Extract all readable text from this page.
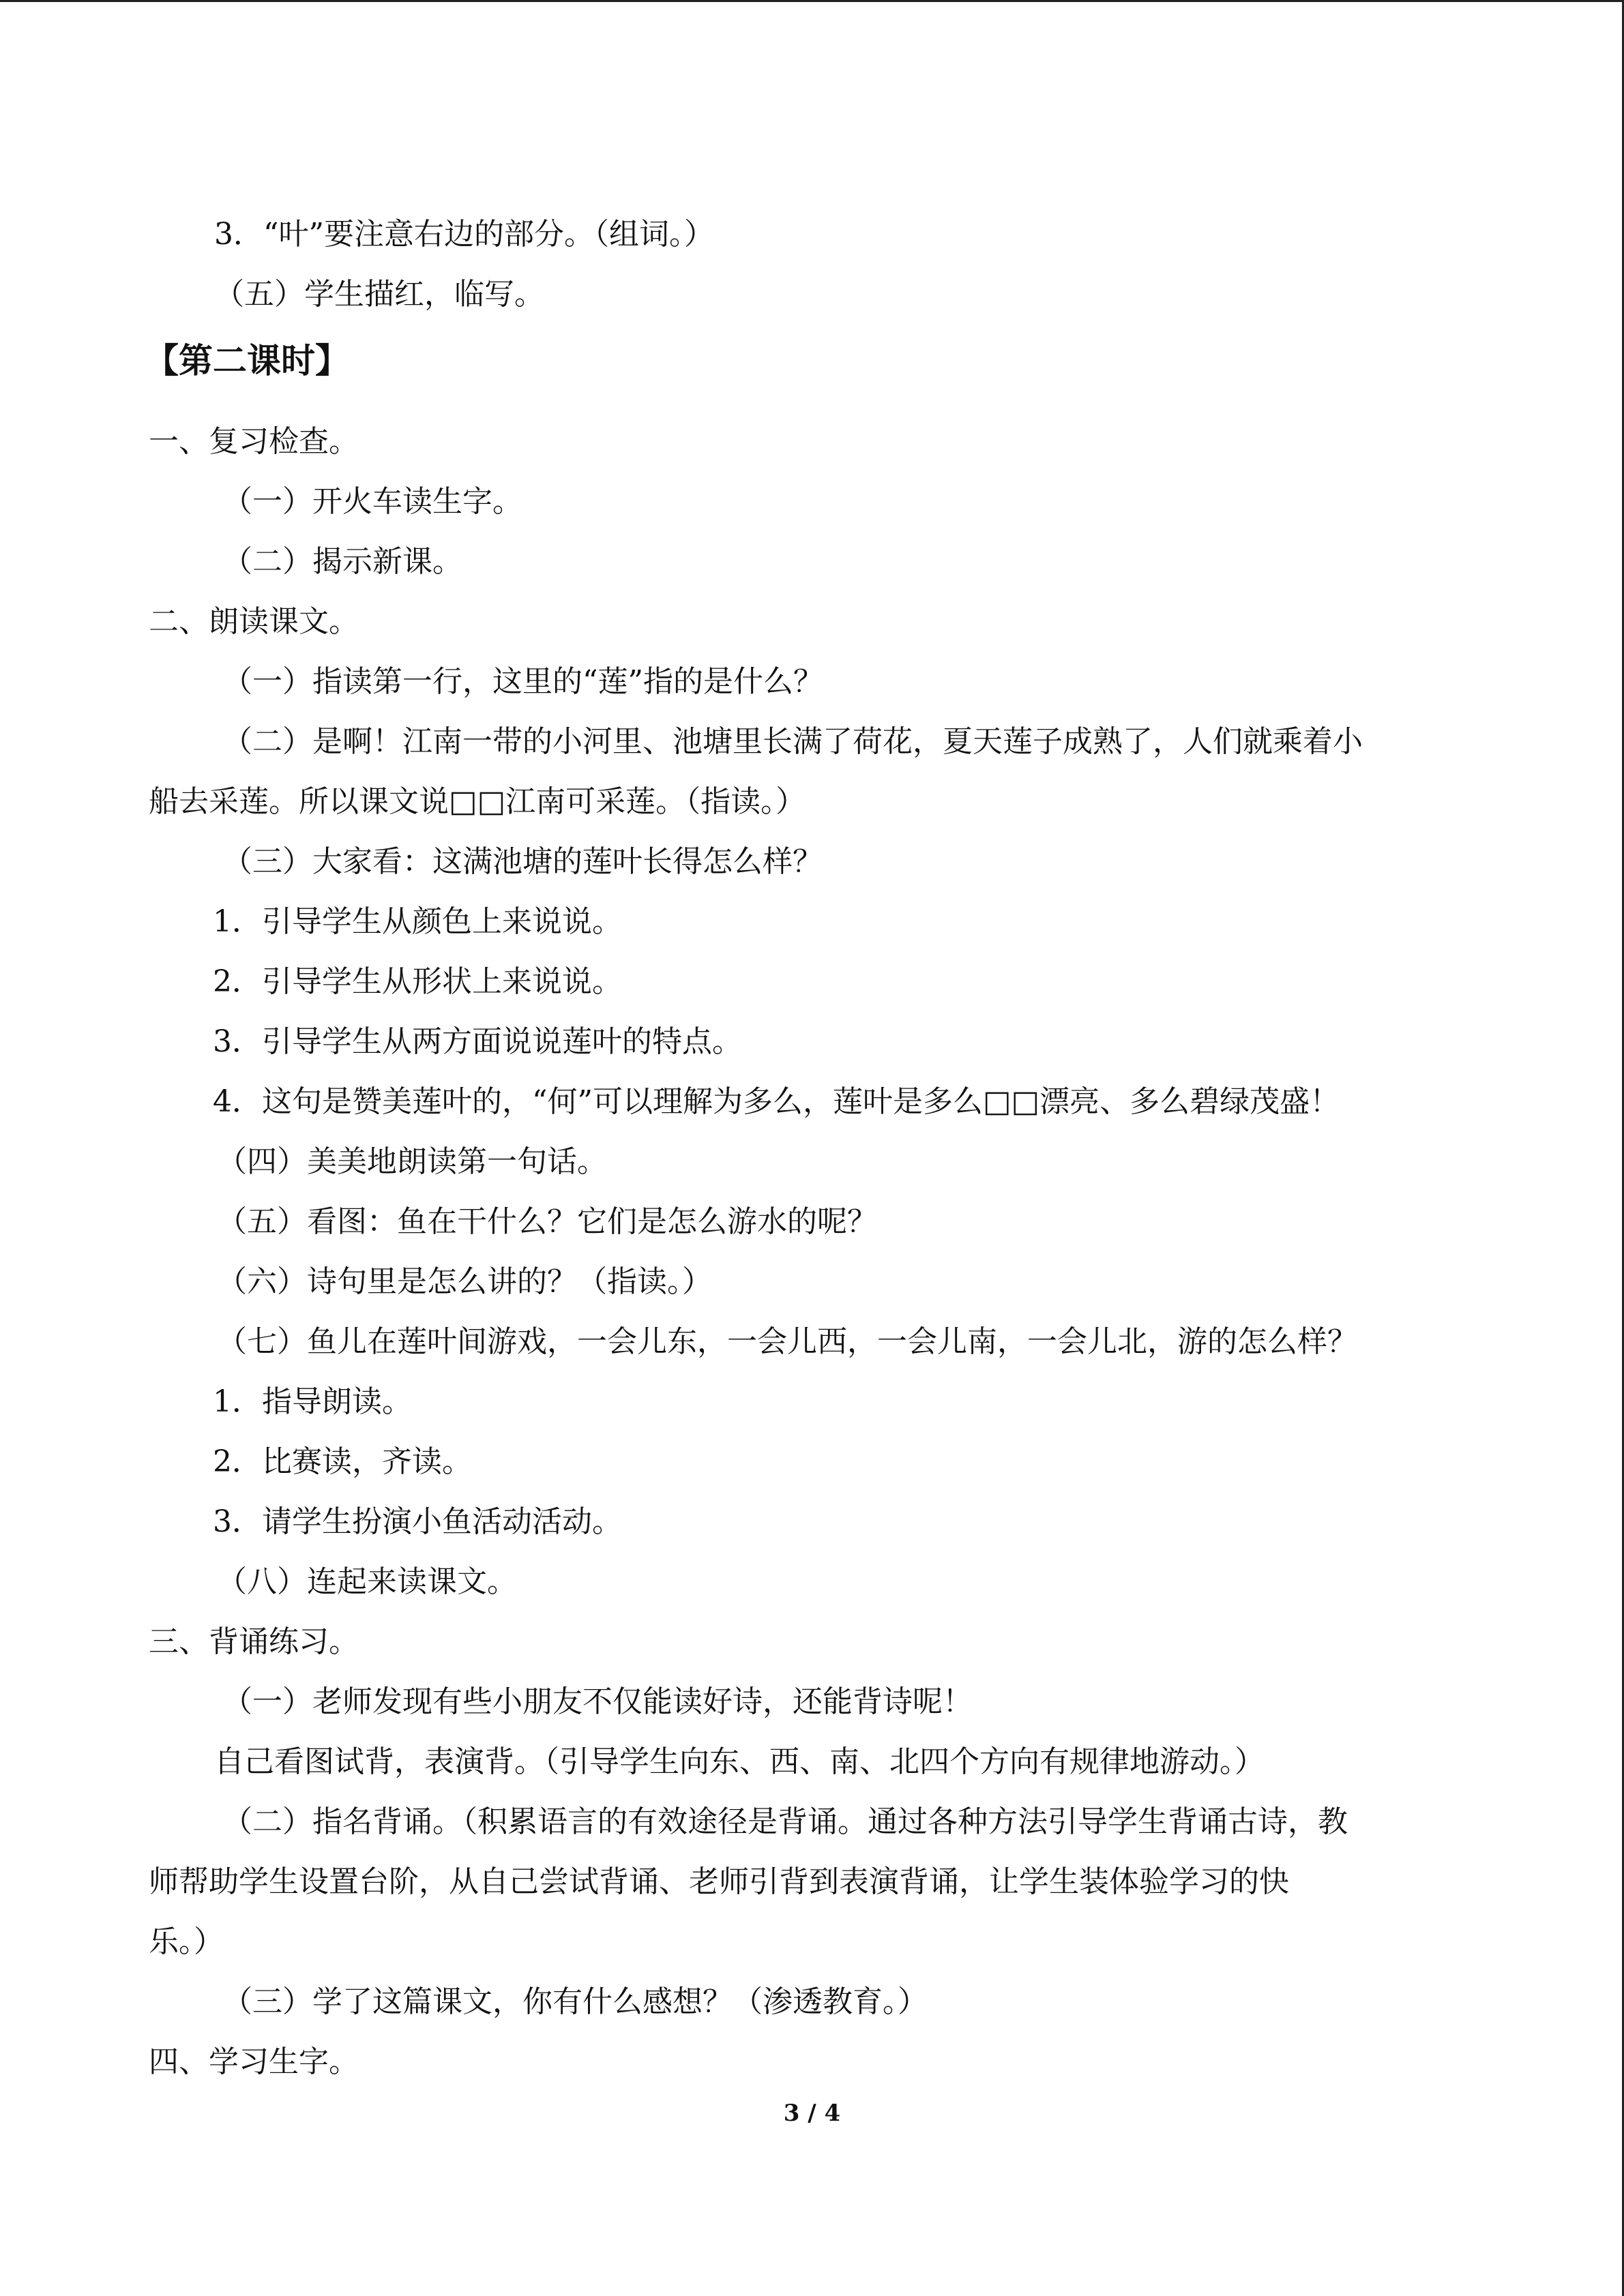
3．“叶”要注意右边的部分。（组词。）
（五）学生描红，临写。
【第二课时】
一、复习检查。
（一）开火车读生字。
（二）揭示新课。
二、朗读课文。
（一）指读第一行，这里的“莲”指的是什么？
（二）是啊！江南一带的小河里、池塘里长满了荷花，夏天莲子成熟了，人们就乘着小
船去采莲。所以课文说□□江南可采莲。（指读。）
（三）大家看：这满池塘的莲叶长得怎么样？
1．引导学生从颜色上来说说。
2．引导学生从形状上来说说。
3．引导学生从两方面说说莲叶的特点。
4．这句是赞美莲叶的，“何”可以理解为多么，莲叶是多么□□漂亮、多么碧绿茂盛！
（四）美美地朗读第一句话。
（五）看图：鱼在干什么？它们是怎么游水的呢？
（六）诗句里是怎么讲的？（指读。）
（七）鱼儿在莲叶间游戏，一会儿东，一会儿西，一会儿南，一会儿北，游的怎么样？
1．指导朗读。
2．比赛读，齐读。
3．请学生扮演小鱼活动活动。
（八）连起来读课文。
三、背诵练习。
（一）老师发现有些小朋友不仅能读好诗，还能背诗呢！
自己看图试背，表演背。（引导学生向东、西、南、北四个方向有规律地游动。）
（二）指名背诵。（积累语言的有效途径是背诵。通过各种方法引导学生背诵古诗，教
师帮助学生设置台阶，从自己尝试背诵、老师引背到表演背诵，让学生装体验学习的快
乐。）
（三）学了这篇课文，你有什么感想？（渗透教育。）
四、学习生字。
3 / 4
